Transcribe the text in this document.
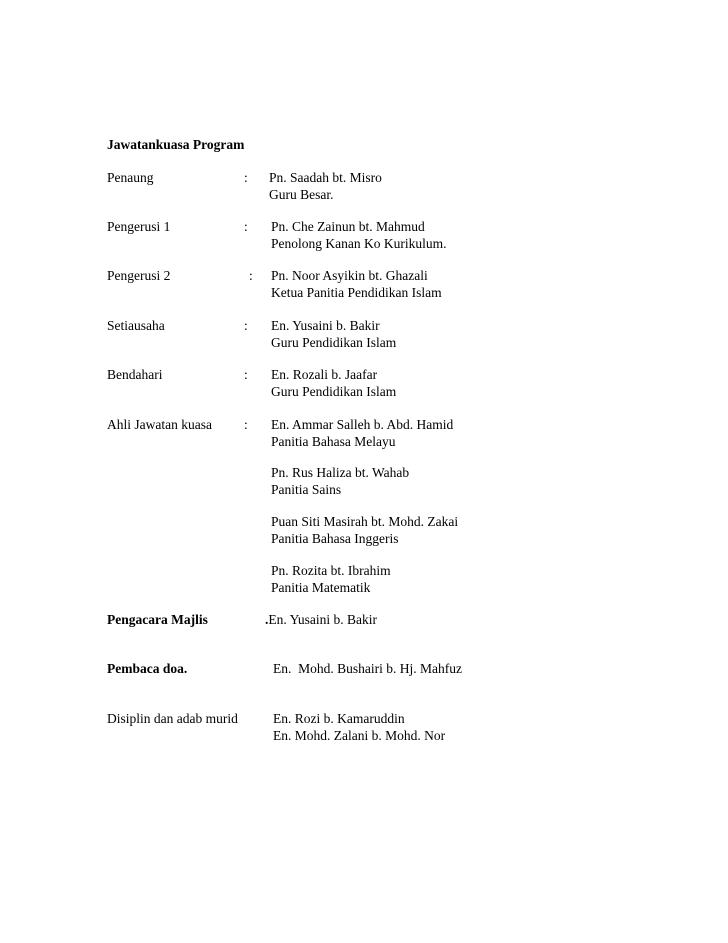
Jawatankuasa Program
Penaung	: Pn. Saadah bt. Misro
Guru Besar.
Pengerusi 1	: Pn. Che Zainun bt. Mahmud
Penolong Kanan Ko Kurikulum.
Pengerusi 2	: Pn. Noor Asyikin bt. Ghazali
Ketua Panitia Pendidikan Islam
Setiausaha	: En. Yusaini b. Bakir
Guru Pendidikan Islam
Bendahari	: En. Rozali b. Jaafar
Guru Pendidikan Islam
Ahli Jawatan kuasa : En. Ammar Salleh b. Abd. Hamid
Panitia Bahasa Melayu
Pn. Rus Haliza bt. Wahab
Panitia Sains
Puan Siti Masirah bt. Mohd. Zakai
Panitia Bahasa Inggeris
Pn. Rozita bt. Ibrahim
Panitia Matematik
Pengacara Majlis	.En. Yusaini b. Bakir
Pembaca doa.	En.  Mohd. Bushairi b. Hj. Mahfuz
Disiplin dan adab murid	En. Rozi b. Kamaruddin
En. Mohd. Zalani b. Mohd. Nor
